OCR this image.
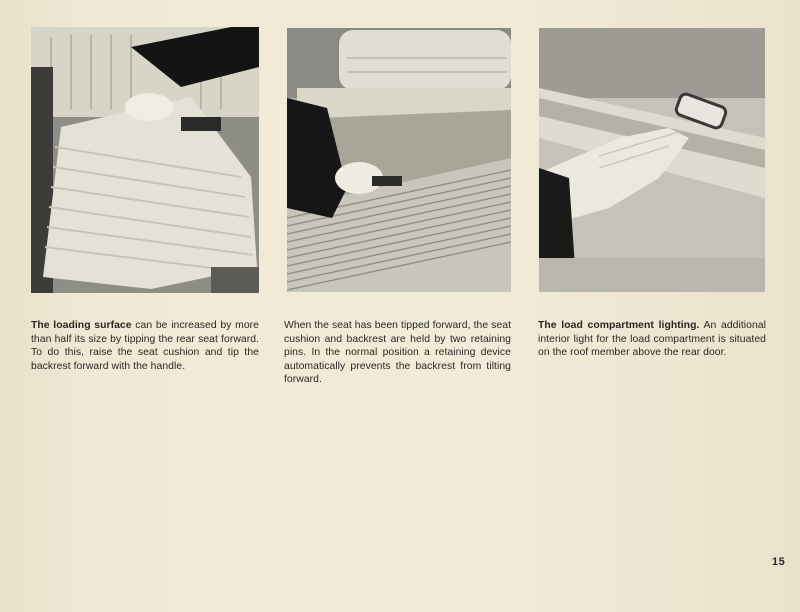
The loading surface can be increased by more than half its size by tipping the rear seat forward. To do this, raise the seat cushion and tip the backrest forward with the handle.
When the seat has been tipped forward, the seat cushion and backrest are held by two retaining pins. In the normal position a retaining device automatically prevents the backrest from tilting forward.
The load compartment lighting. An additional interior light for the load compartment is situated on the roof member above the rear door.
15
